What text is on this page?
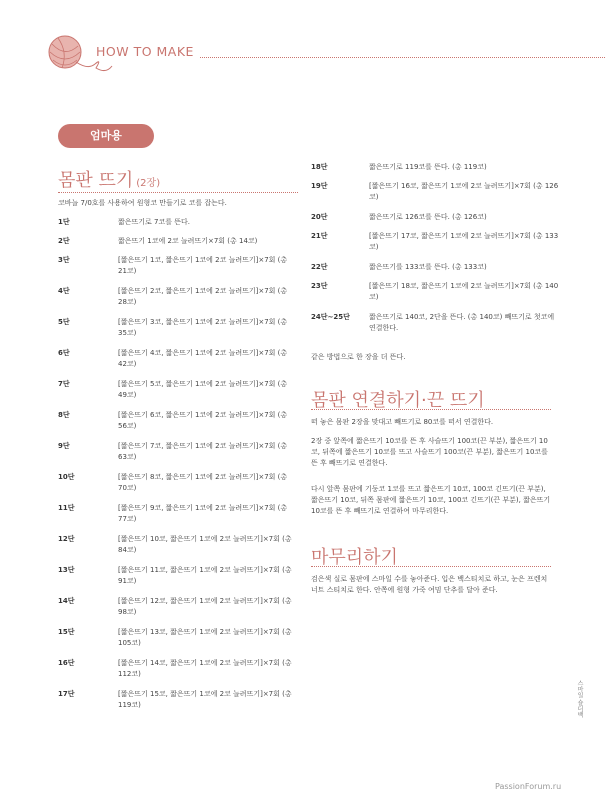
HOW TO MAKE
엄마용
몸판 뜨기 (2장)
코바늘 7/0호를 사용하여 원형코 만들기로 코를 잡는다.
1단	짧은뜨기로 7코를 뜬다.
2단	짧은뜨기 1코에 2코 늘려뜨기×7회 (총 14코)
3단	[짧은뜨기 1코, 짧은뜨기 1코에 2코 늘려뜨기]×7회 (총 21코)
4단	[짧은뜨기 2코, 짧은뜨기 1코에 2코 늘려뜨기]×7회 (총 28코)
5단	[짧은뜨기 3코, 짧은뜨기 1코에 2코 늘려뜨기]×7회 (총 35코)
6단	[짧은뜨기 4코, 짧은뜨기 1코에 2코 늘려뜨기]×7회 (총 42코)
7단	[짧은뜨기 5코, 짧은뜨기 1코에 2코 늘려뜨기]×7회 (총 49코)
8단	[짧은뜨기 6코, 짧은뜨기 1코에 2코 늘려뜨기]×7회 (총 56코)
9단	[짧은뜨기 7코, 짧은뜨기 1코에 2코 늘려뜨기]×7회 (총 63코)
10단	[짧은뜨기 8코, 짧은뜨기 1코에 2코 늘려뜨기]×7회 (총 70코)
11단	[짧은뜨기 9코, 짧은뜨기 1코에 2코 늘려뜨기]×7회 (총 77코)
12단	[짧은뜨기 10코, 짧은뜨기 1코에 2코 늘려뜨기]×7회 (총 84코)
13단	[짧은뜨기 11코, 짧은뜨기 1코에 2코 늘려뜨기]×7회 (총 91코)
14단	[짧은뜨기 12코, 짧은뜨기 1코에 2코 늘려뜨기]×7회 (총 98코)
15단	[짧은뜨기 13코, 짧은뜨기 1코에 2코 늘려뜨기]×7회 (총 105코)
16단	[짧은뜨기 14코, 짧은뜨기 1코에 2코 늘려뜨기]×7회 (총 112코)
17단	[짧은뜨기 15코, 짧은뜨기 1코에 2코 늘려뜨기]×7회 (총 119코)
18단	짧은뜨기로 119코를 뜬다. (총 119코)
19단	[짧은뜨기 16코, 짧은뜨기 1코에 2코 늘려뜨기]×7회 (총 126코)
20단	짧은뜨기로 126코를 뜬다. (총 126코)
21단	[짧은뜨기 17코, 짧은뜨기 1코에 2코 늘려뜨기]×7회 (총 133코)
22단	짧은뜨기를 133코를 뜬다. (총 133코)
23단	[짧은뜨기 18코, 짧은뜨기 1코에 2코 늘려뜨기]×7회 (총 140코)
24단~25단	짧은뜨기로 140코, 2단을 뜬다. (총 140코) 빼뜨기로 첫코에 연결한다.
같은 방법으로 한 장을 더 뜬다.
몸판 연결하기·끈 뜨기
떠 놓은 몸판 2장을 맞대고 빼뜨기로 80코를 떠서 연결한다.
2장 중 앞쪽에 짧은뜨기 10코를 뜬 후 사슬뜨기 100코(끈 부분), 짧은뜨기 10코, 뒤쪽에 짧은뜨기 10코를 뜨고 사슬뜨기 100코(끈 부분), 짧은뜨기 10코를 뜬 후 빼뜨기로 연결한다.
다시 앞쪽 몸판에 기둥코 1코를 뜨고 짧은뜨기 10코, 100코 긴뜨기(끈 부분), 짧은뜨기 10코, 뒤쪽 몸판에 짧은뜨기 10코, 100코 긴뜨기(끈 부분), 짧은뜨기 10코를 뜬 후 빼뜨기로 연결하여 마무리한다.
마무리하기
검은색 실로 몸판에 스마일 수를 놓아준다. 입은 백스티치로 하고, 눈은 프렌치 너트 스티치로 한다. 안쪽에 원형 가죽 여밈 단추를 달아 준다.
스마일 숄더백
PassionForum.ru
